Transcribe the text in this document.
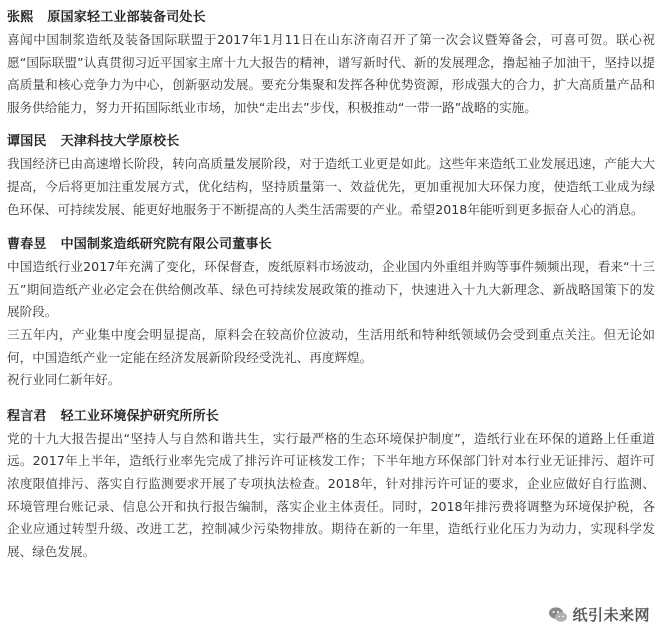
张熙 原国家轻工业部装备司处长

喜闻中国制浆造纸及装备国际联盟于2017年1月11日在山东济南召开了第一次会议暨筹备会，可喜可贺。联心祝愿“国际联盟”认真贯彻习近平国家主席十九大报告的精神，谱写新时代、新的发展理念，撸起袖子加油干，坚持以提高质量和核心竞争力为中心，创新驱动发展。要充分集聚和发挥各种优势资源，形成强大的合力，扩大高质量产品和服务供给能力，努力开拓国际纸业市场，加快“走出去”步伐，积极推动“一带一路”战略的实施。

谭国民 天津科技大学原校长

我国经济已由高速增长阶段，转向高质量发展阶段，对于造纸工业更是如此。这些年来造纸工业发展迅速，产能大大提高，今后将更加注重发展方式，优化结构，坚持质量第一、效益优先，更加重视加大环保力度，使造纸工业成为绿色环保、可持续发展、能更好地服务于不断提高的人类生活需要的产业。希望2018年能听到更多振奋人心的消息。

曹春昱 中国制浆造纸研究院有限公司董事长

中国造纸行业2017年充满了变化，环保督查，废纸原料市场波动，企业国内外重组并购等事件频频出现，看来“十三五”期间造纸产业必定会在供给侧改革、绿色可持续发展政策的推动下，快速进入十九大新理念、新战略国策下的发展阶段。

三五年内，产业集中度会明显提高，原料会在较高价位波动，生活用纸和特种纸领域仍会受到重点关注。但无论如何，中国造纸产业一定能在经济发展新阶段经受洗礼、再度辉煌。

祝行业同仁新年好。

程言君 轻工业环境保护研究所所长

党的十九大报告提出“坚持人与自然和谐共生，实行最严格的生态环境保护制度”，造纸行业在环保的道路上任重道远。2017年上半年，造纸行业率先完成了排污许可证核发工作；下半年地方环保部门针对本行业无证排污、超许可浓度限值排污、落实自行监测要求开展了专项执法检查。2018年，针对排污许可证的要求，企业应做好自行监测、环境管理台账记录、信息公开和执行报告编制，落实企业主体责任。同时，2018年排污费将调整为环境保护税，各企业应通过转型升级、改进工艺，控制减少污染物排放。期待在新的一年里，造纸行业化压力为动力，实现科学发展、绿色发展。

纸引未来网
